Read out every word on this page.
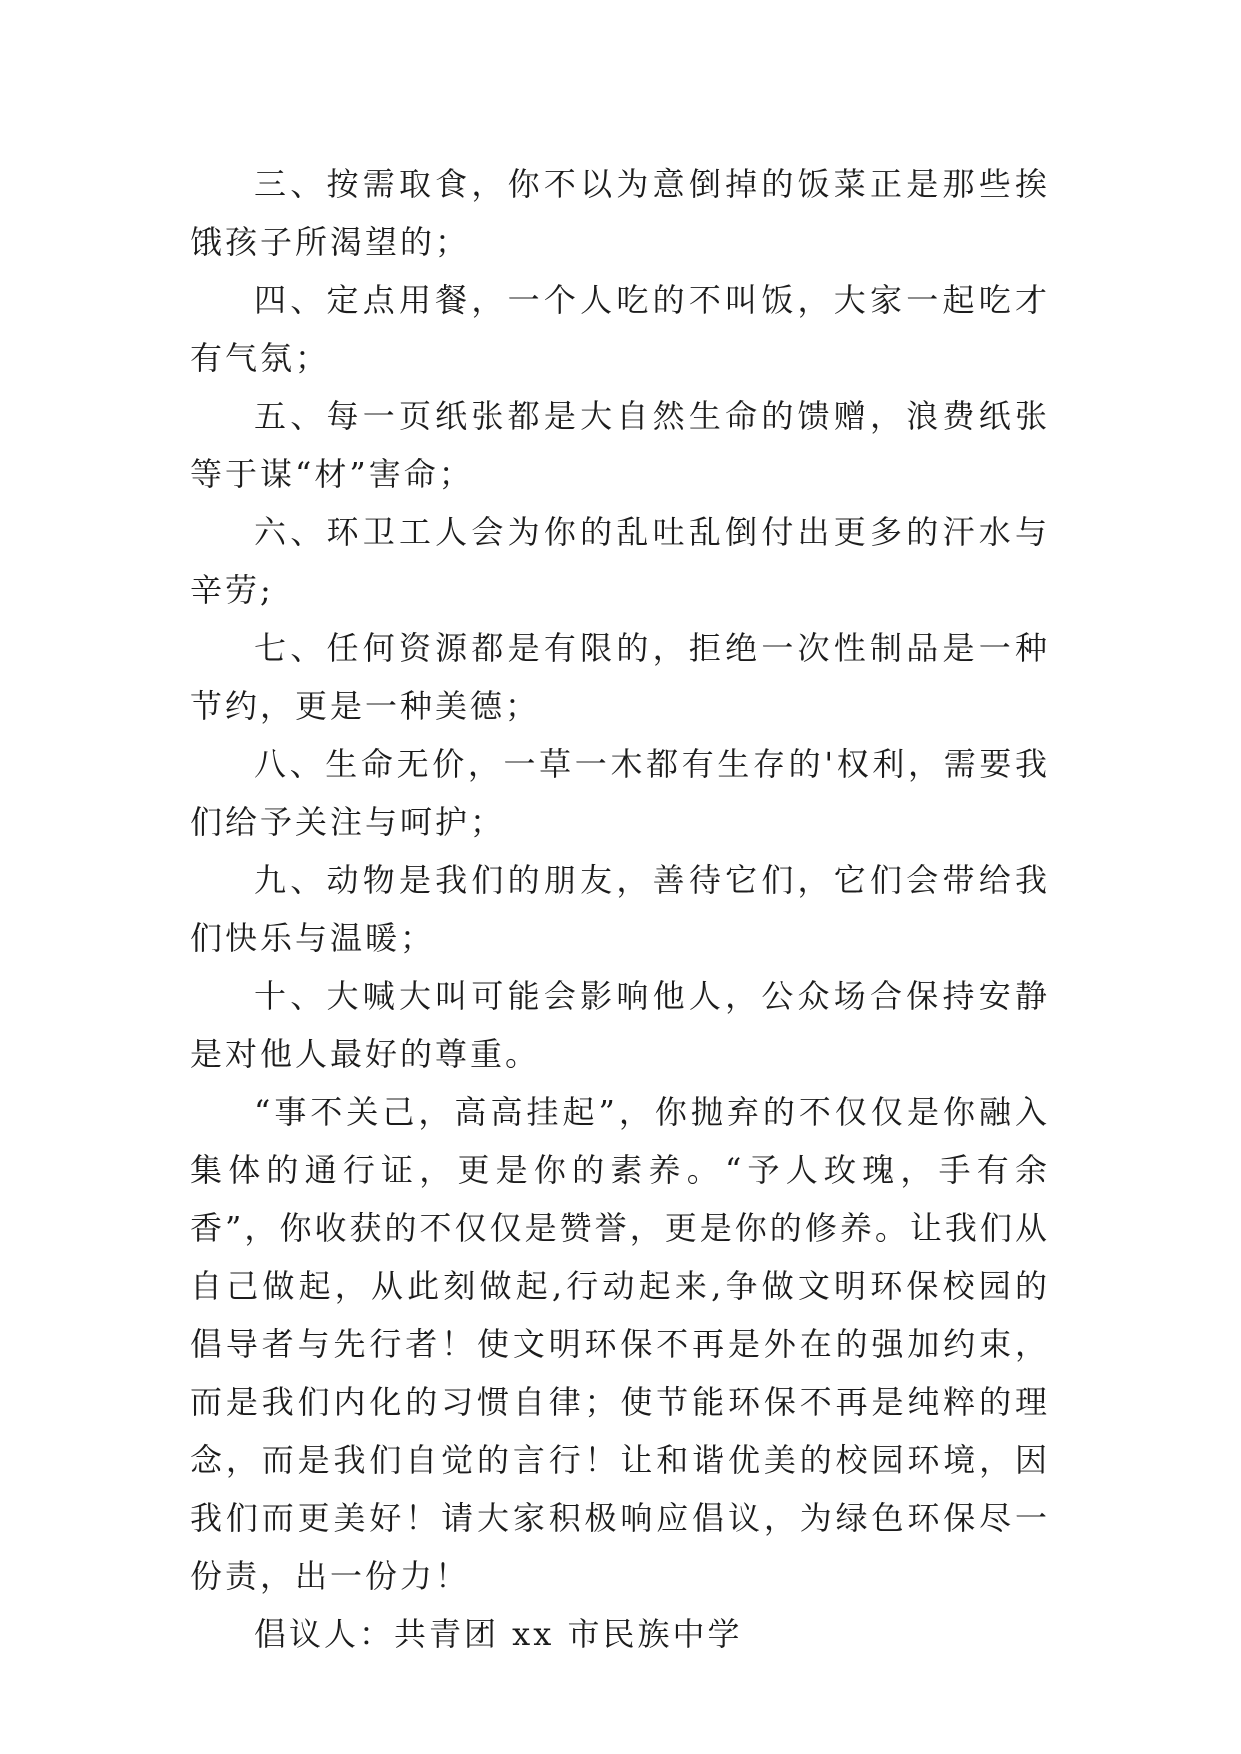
三、按需取食，你不以为意倒掉的饭菜正是那些挨饿孩子所渴望的；

四、定点用餐，一个人吃的不叫饭，大家一起吃才有气氛；

五、每一页纸张都是大自然生命的馈赠，浪费纸张等于谋“材”害命；

六、环卫工人会为你的乱吐乱倒付出更多的汗水与辛劳;

七、任何资源都是有限的，拒绝一次性制品是一种节约，更是一种美德；

八、生命无价，一草一木都有生存的'权利，需要我们给予关注与呵护；

九、动物是我们的朋友，善待它们，它们会带给我们快乐与温暖；

十、大喊大叫可能会影响他人，公众场合保持安静是对他人最好的尊重。

“事不关己，高高挂起”，你抛弃的不仅仅是你融入集体的通行证，更是你的素养。“予人玫瑰，手有余香”，你收获的不仅仅是赞誉，更是你的修养。让我们从自己做起，从此刻做起,行动起来,争做文明环保校园的倡导者与先行者！使文明环保不再是外在的强加约束，而是我们内化的习惯自律；使节能环保不再是纯粹的理念，而是我们自觉的言行！让和谐优美的校园环境，因我们而更美好！请大家积极响应倡议，为绿色环保尽一份责，出一份力！

倡议人：共青团 xx 市民族中学
